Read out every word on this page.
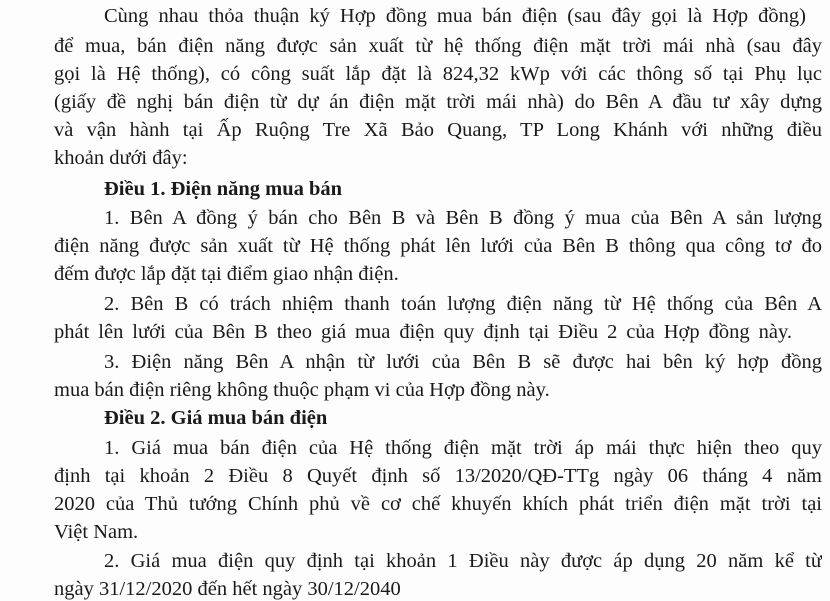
Cùng nhau thỏa thuận ký Hợp đồng mua bán điện (sau đây gọi là Hợp đồng)
để mua, bán điện năng được sản xuất từ hệ thống điện mặt trời mái nhà (sau đây
gọi là Hệ thống), có công suất lắp đặt là 824,32 kWp với các thông số tại Phụ lục
(giấy đề nghị bán điện từ dự án điện mặt trời mái nhà) do Bên A đầu tư xây dựng
và vận hành tại Ấp Ruộng Tre Xã Bảo Quang, TP Long Khánh với những điều
khoản dưới đây:
Điều 1. Điện năng mua bán
1. Bên A đồng ý bán cho Bên B và Bên B đồng ý mua của Bên A sản lượng
điện năng được sản xuất từ Hệ thống phát lên lưới của Bên B thông qua công tơ đo
đếm được lắp đặt tại điểm giao nhận điện.
2. Bên B có trách nhiệm thanh toán lượng điện năng từ Hệ thống của Bên A
phát lên lưới của Bên B theo giá mua điện quy định tại Điều 2 của Hợp đồng này.
3. Điện năng Bên A nhận từ lưới của Bên B sẽ được hai bên ký hợp đồng
mua bán điện riêng không thuộc phạm vi của Hợp đồng này.
Điều 2. Giá mua bán điện
1. Giá mua bán điện của Hệ thống điện mặt trời áp mái thực hiện theo quy
định tại khoản 2 Điều 8 Quyết định số 13/2020/QĐ-TTg ngày 06 tháng 4 năm
2020 của Thủ tướng Chính phủ về cơ chế khuyến khích phát triển điện mặt trời tại
Việt Nam.
2. Giá mua điện quy định tại khoản 1 Điều này được áp dụng 20 năm kể từ
ngày 31/12/2020 đến hết ngày 30/12/2040
